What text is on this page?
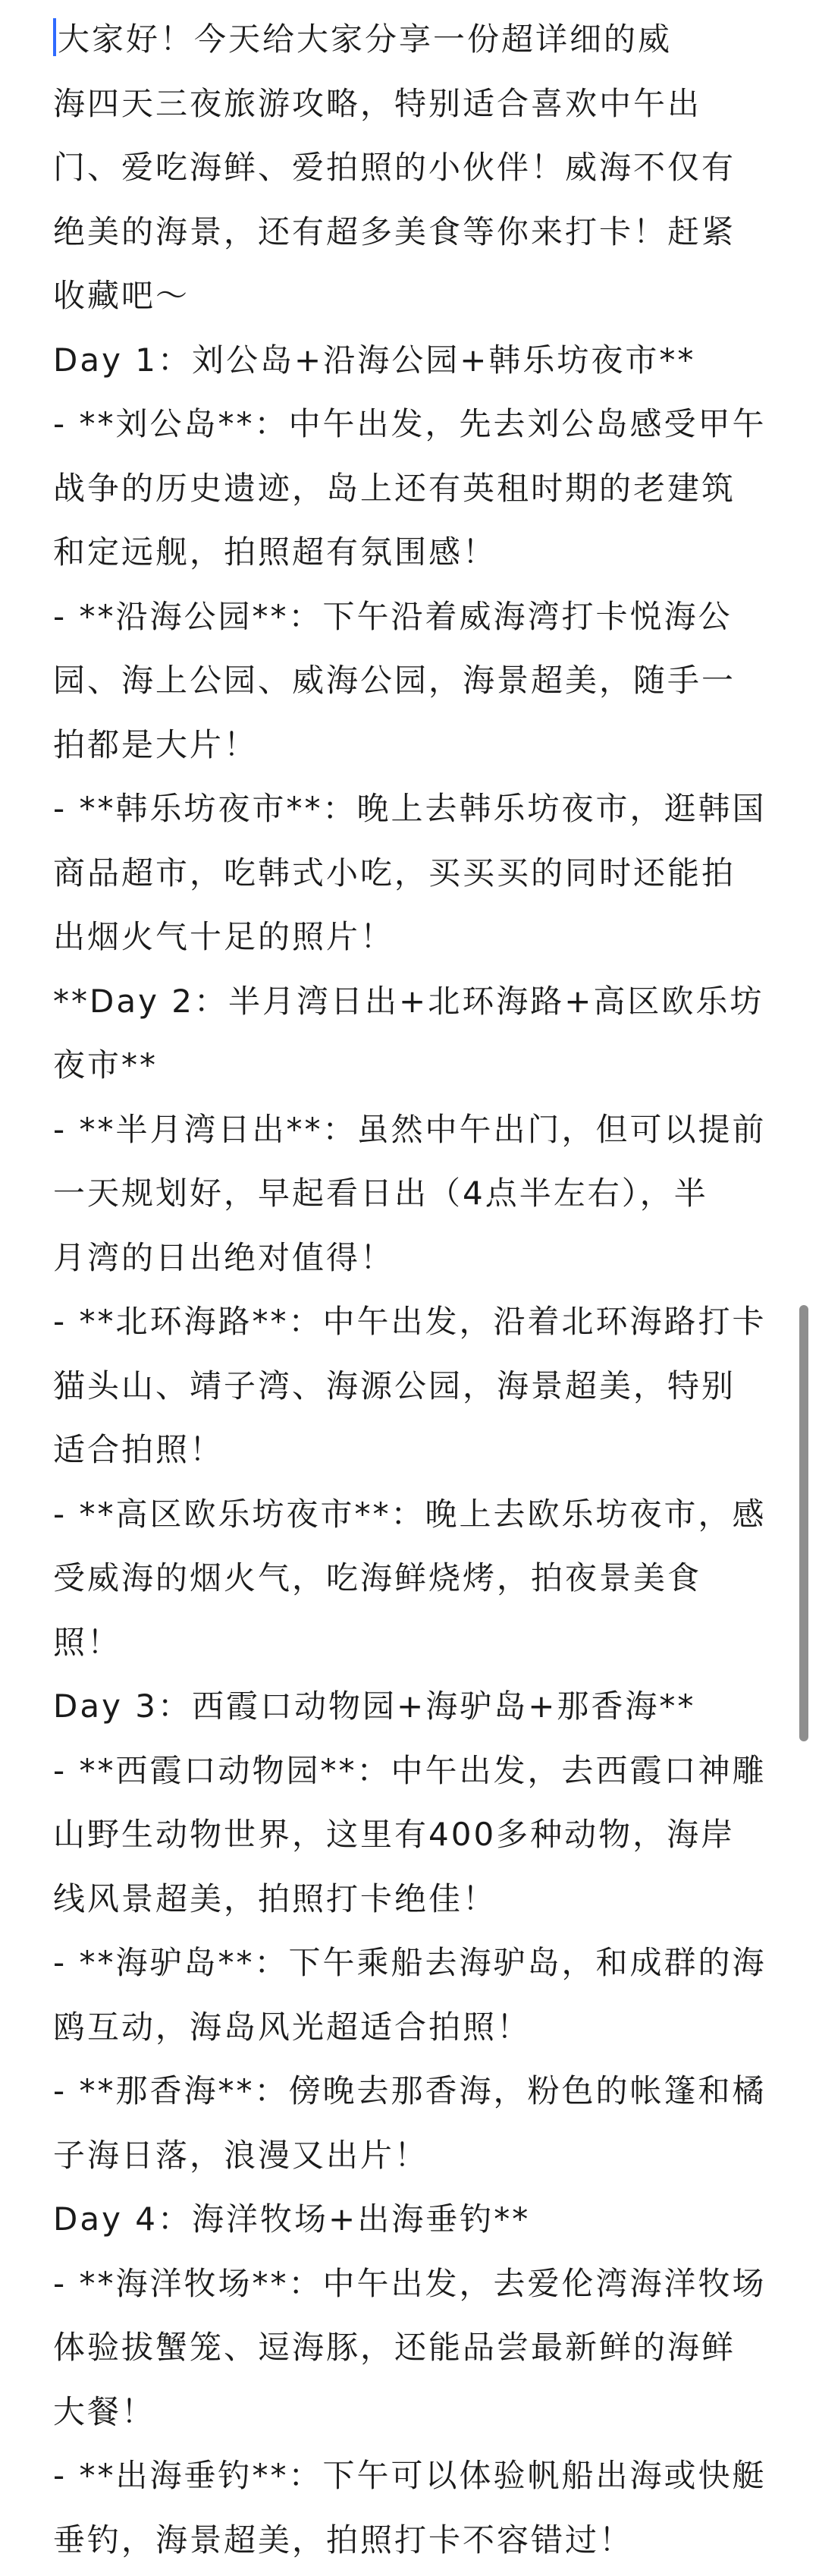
大家好！今天给大家分享一份超详细的威
海四天三夜旅游攻略，特别适合喜欢中午出
门、爱吃海鲜、爱拍照的小伙伴！威海不仅有
绝美的海景，还有超多美食等你来打卡！赶紧
收藏吧～
Day 1：刘公岛+沿海公园+韩乐坊夜市**
- **刘公岛**：中午出发，先去刘公岛感受甲午
战争的历史遗迹，岛上还有英租时期的老建筑
和定远舰，拍照超有氛围感！
- **沿海公园**：下午沿着威海湾打卡悦海公
园、海上公园、威海公园，海景超美，随手一
拍都是大片！
- **韩乐坊夜市**：晚上去韩乐坊夜市，逛韩国
商品超市，吃韩式小吃，买买买的同时还能拍
出烟火气十足的照片！
**Day 2：半月湾日出+北环海路+高区欧乐坊
夜市**
- **半月湾日出**：虽然中午出门，但可以提前
一天规划好，早起看日出（4点半左右），半
月湾的日出绝对值得！
- **北环海路**：中午出发，沿着北环海路打卡
猫头山、靖子湾、海源公园，海景超美，特别
适合拍照！
- **高区欧乐坊夜市**：晚上去欧乐坊夜市，感
受威海的烟火气，吃海鲜烧烤，拍夜景美食
照！
Day 3：西霞口动物园+海驴岛+那香海**
- **西霞口动物园**：中午出发，去西霞口神雕
山野生动物世界，这里有400多种动物，海岸
线风景超美，拍照打卡绝佳！
- **海驴岛**：下午乘船去海驴岛，和成群的海
鸥互动，海岛风光超适合拍照！
- **那香海**：傍晚去那香海，粉色的帐篷和橘
子海日落，浪漫又出片！
Day 4：海洋牧场+出海垂钓**
- **海洋牧场**：中午出发，去爱伦湾海洋牧场
体验拔蟹笼、逗海豚，还能品尝最新鲜的海鲜
大餐！
- **出海垂钓**：下午可以体验帆船出海或快艇
垂钓，海景超美，拍照打卡不容错过！
